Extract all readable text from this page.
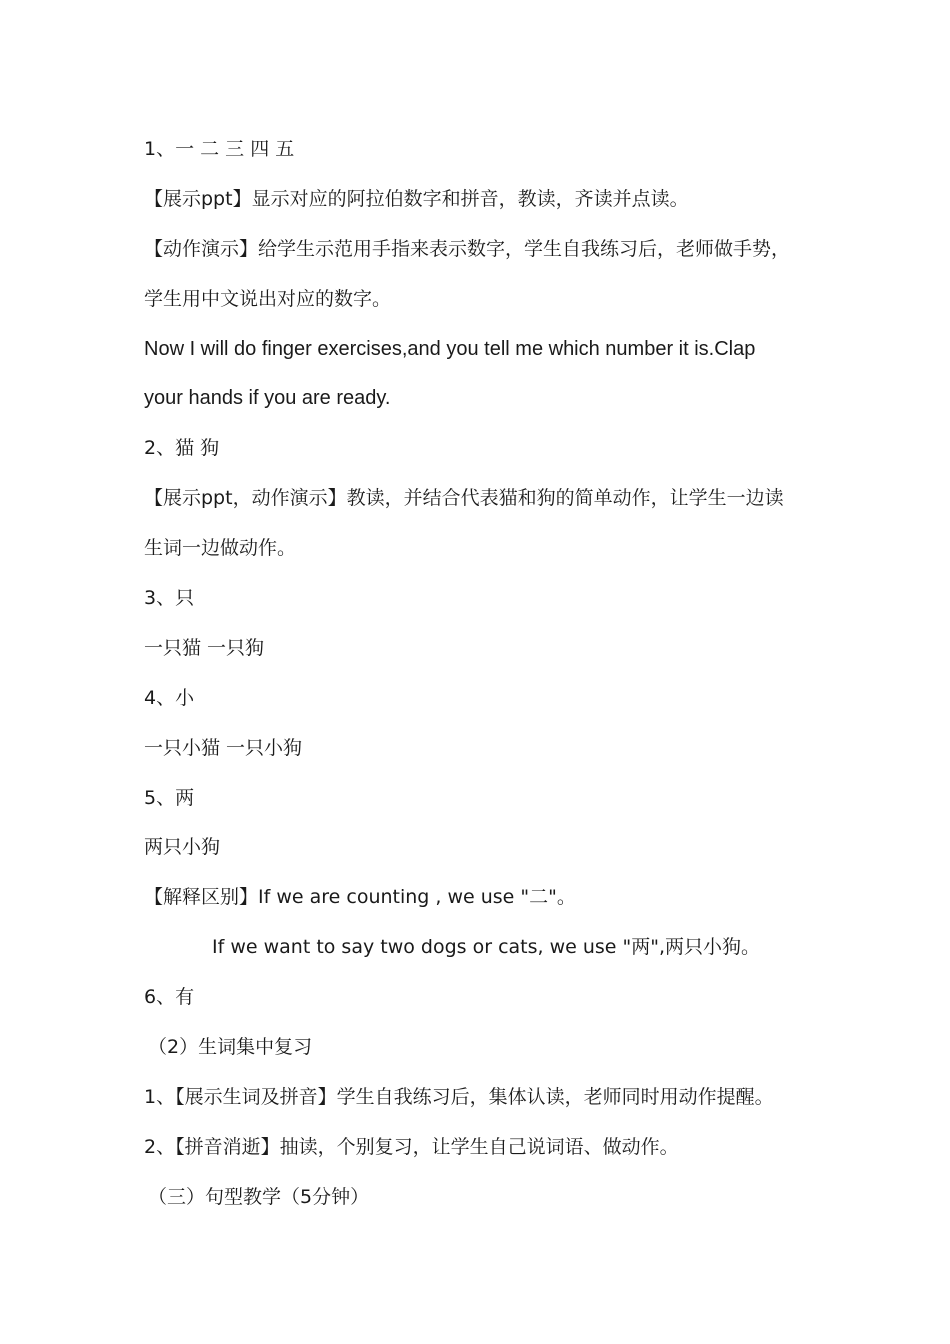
1、一 二 三 四 五
【展示ppt】显示对应的阿拉伯数字和拼音，教读，齐读并点读。
【动作演示】给学生示范用手指来表示数字，学生自我练习后，老师做手势，
学生用中文说出对应的数字。
Now I will do finger exercises,and you tell me which number it is.Clap
your hands if you are ready.
2、猫 狗
【展示ppt，动作演示】教读，并结合代表猫和狗的简单动作，让学生一边读
生词一边做动作。
3、只
一只猫 一只狗
4、小
一只小猫 一只小狗
5、两
两只小狗
【解释区别】If we are counting , we use "二"。
If we want to say two dogs or cats, we use "两",两只小狗。
6、有
（2）生词集中复习
1、【展示生词及拼音】学生自我练习后，集体认读，老师同时用动作提醒。
2、【拼音消逝】抽读，个别复习，让学生自己说词语、做动作。
（三）句型教学（5分钟）
